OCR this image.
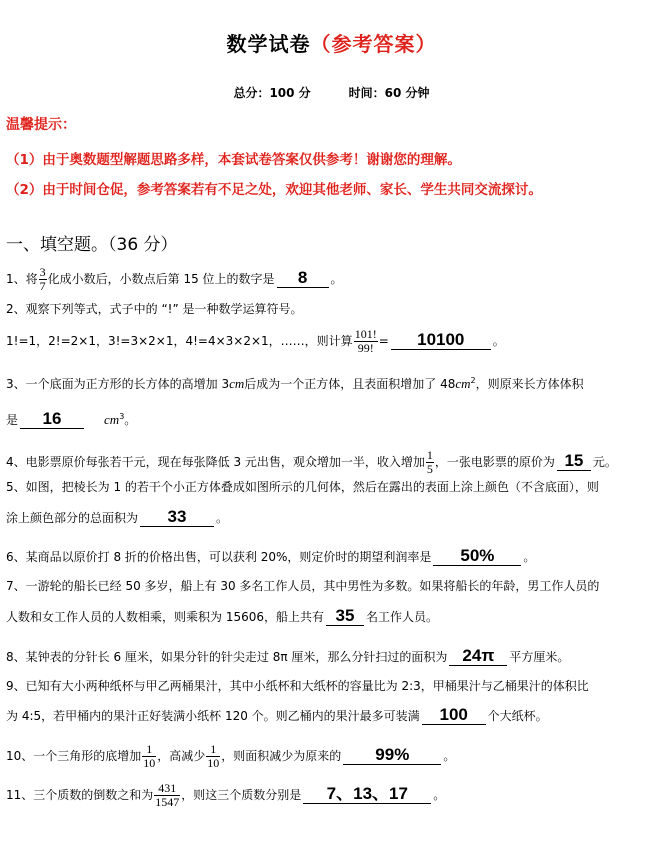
数学试卷（参考答案）
总分：100 分	时间：60 分钟
温馨提示：
（1）由于奥数题型解题思路多样，本套试卷答案仅供参考！谢谢您的理解。
（2）由于时间仓促，参考答案若有不足之处，欢迎其他老师、家长、学生共同交流探讨。
一、填空题。（36 分）
1、将 $\frac{3}{7}$ 化成小数后，小数点后第 15 位上的数字是 8 。
2、观察下列等式，式子中的 “!” 是一种数学运算符号。
1!=1，2!=2×1，3!=3×2×1，4!=4×3×2×1，……，则计算 $\frac{101!}{99!} = 10100$ 。
3、一个底面为正方形的长方体的高增加 3cm后成为一个正方体，且表面积增加了 $48cm^2$，则原来长方体体积
是 16	$cm^3$。
4、电影票原价每张若干元，现在每张降低 3 元出售，观众增加一半，收入增加 $\frac{1}{5}$ ，一张电影票的原价为 15 元。
5、如图，把棱长为 1 的若干个小正方体叠成如图所示的几何体，然后在露出的表面上涂上颜色（不含底面），则
涂上颜色部分的总面积为 33 。
6、某商品以原价打 8 折的价格出售，可以获利 20%，则定价时的期望利润率是 50% 。
7、一游轮的船长已经 50 多岁，船上有 30 多名工作人员，其中男性为多数。如果将船长的年龄，男工作人员的
人数和女工作人员的人数相乘，则乘积为 15606，船上共有 35 名工作人员。
8、某钟表的分针长 6 厘米，如果分针的针尖走过 8π 厘米，那么分针扫过的面积为 24π 平方厘米。
9、已知有大小两种纸杯与甲乙两桶果汁，其中小纸杯和大纸杯的容量比为 2:3，甲桶果汁与乙桶果汁的体积比
为 4:5，若甲桶内的果汁正好装满小纸杯 120 个。则乙桶内的果汁最多可装满 100 个大纸杯。
10、一个三角形的底增加 $\frac{1}{10}$ ，高减少 $\frac{1}{10}$ ，则面积减少为原来的 99%	。
11、三个质数的倒数之和为 $\frac{431}{1547}$ ，则这三个质数分别是 7、13、17 。
